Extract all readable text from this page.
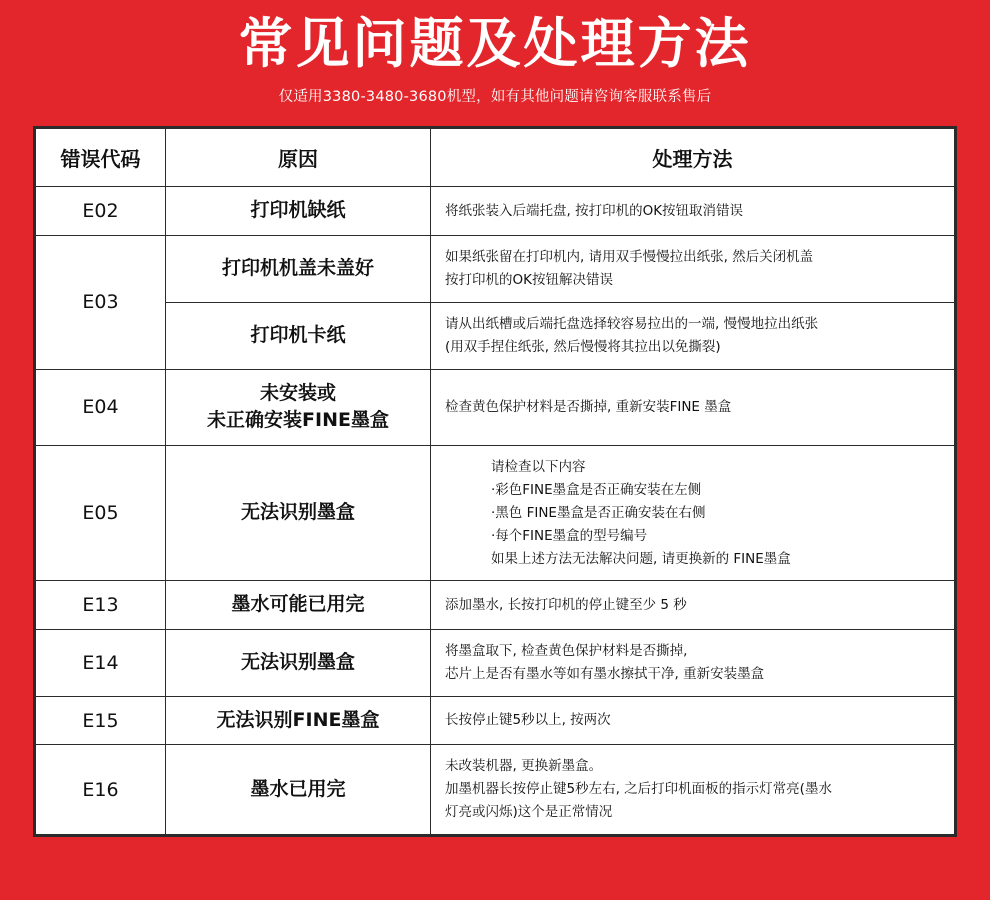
常见问题及处理方法

仅适用3380-3480-3680机型，如有其他问题请咨询客服联系售后

错误代码	原因	处理方法
E02	打印机缺纸	将纸张装入后端托盘, 按打印机的OK按钮取消错误

E03	打印机机盖未盖好	如果纸张留在打印机内, 请用双手慢慢拉出纸张, 然后关闭机盖
按打印机的OK按钮解决错误

	打印机卡纸	请从出纸槽或后端托盘选择较容易拉出的一端, 慢慢地拉出纸张
(用双手捏住纸张, 然后慢慢将其拉出以免撕裂)

E04	未安装或
未正确安装FINE墨盒	检查黄色保护材料是否撕掉, 重新安装FINE 墨盒

E05	无法识别墨盒	请检查以下内容
·彩色FINE墨盒是否正确安装在左侧
·黑色 FINE墨盒是否正确安装在右侧
·每个FINE墨盒的型号编号
如果上述方法无法解决问题, 请更换新的 FINE墨盒

E13	墨水可能已用完	添加墨水, 长按打印机的停止键至少 5 秒

E14	无法识别墨盒	将墨盒取下, 检查黄色保护材料是否撕掉,
芯片上是否有墨水等如有墨水擦拭干净, 重新安装墨盒

E15	无法识别FINE墨盒	长按停止键5秒以上, 按两次

E16	墨水已用完	未改装机器, 更换新墨盒。
加墨机器长按停止键5秒左右, 之后打印机面板的指示灯常亮(墨水
灯亮或闪烁)这个是正常情况
